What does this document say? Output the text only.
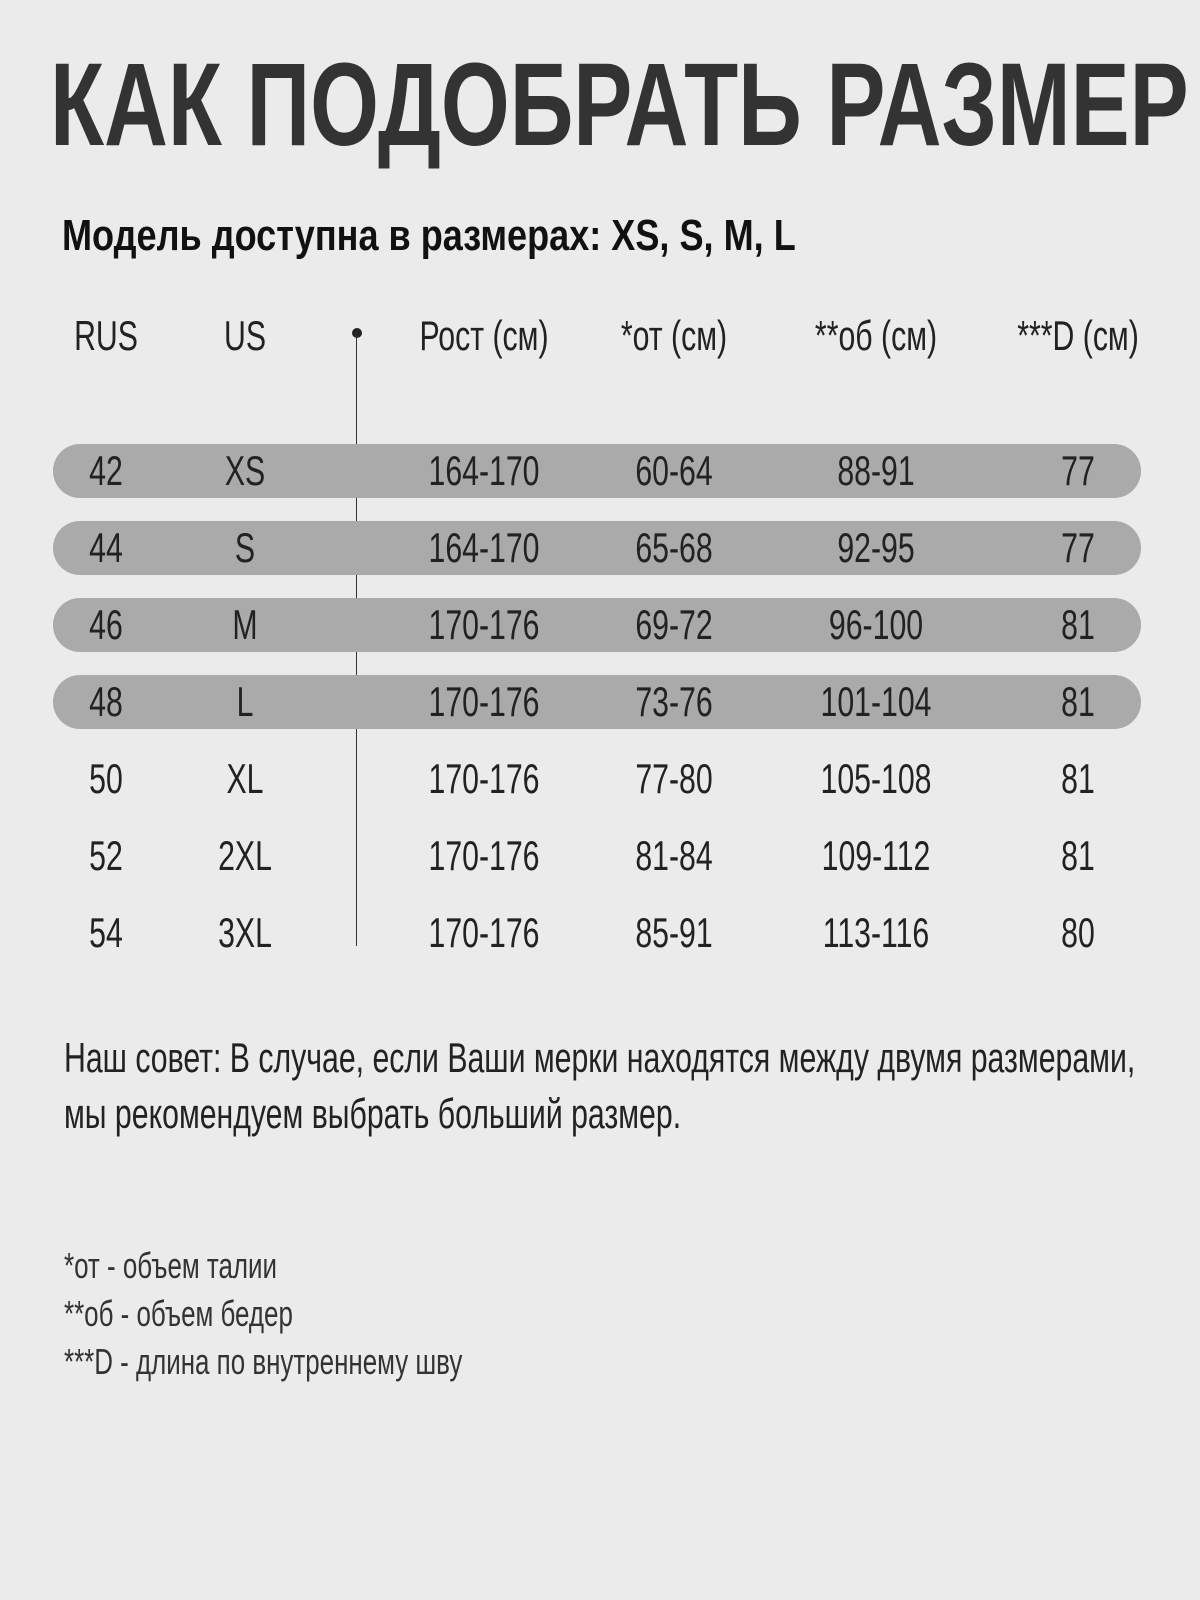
КАК ПОДОБРАТЬ РАЗМЕР
Модель доступна в размерах: XS, S, M, L
RUS US	Рост (см) *от (см) **об (см) ***D (см)
42 XS	164-170 60-64	88-91	77
44	S	164-170 65-68	92-95	77
46	M	170-176 69-72	96-100	81
48	L	170-176 73-76	101-104	81
50 XL	170-176 77-80	105-108	81
52 2XL	170-176 81-84	109-112	81
54 3XL	170-176 85-91	113-116	80
Наш совет: В случае, если Ваши мерки находятся между двумя размерами,
мы рекомендуем выбрать больший размер.
*от - объем талии
**об - объем бедер
***D - длина по внутреннему шву
